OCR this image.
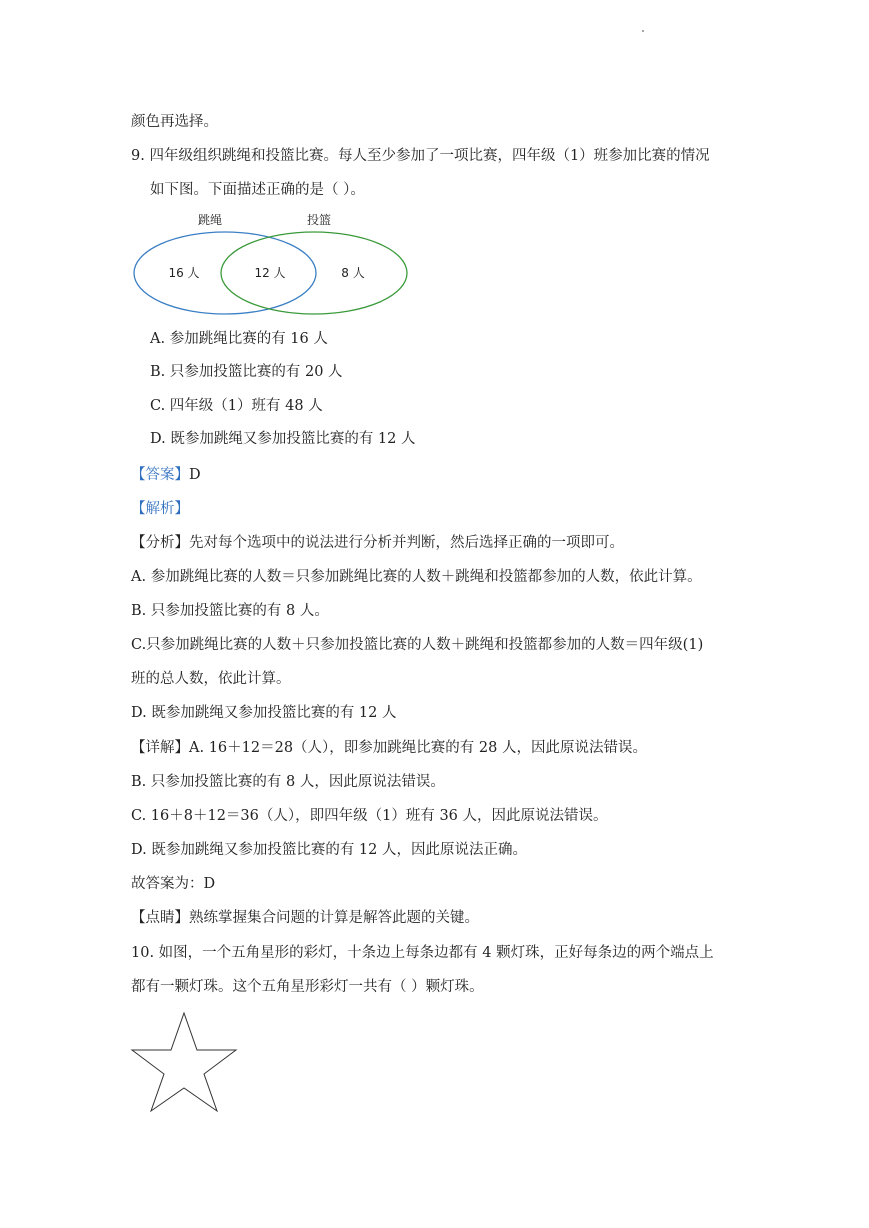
颜色再选择。
9. 四年级组织跳绳和投篮比赛。每人至少参加了一项比赛，四年级（1）班参加比赛的情况
如下图。下面描述正确的是（ ）。
跳绳	投篮
16 人	12 人	8 人
A. 参加跳绳比赛的有 16 人
B. 只参加投篮比赛的有 20 人
C. 四年级（1）班有 48 人
D. 既参加跳绳又参加投篮比赛的有 12 人
【答案】D
【解析】
【分析】先对每个选项中的说法进行分析并判断，然后选择正确的一项即可。
A. 参加跳绳比赛的人数＝只参加跳绳比赛的人数＋跳绳和投篮都参加的人数，依此计算。
B. 只参加投篮比赛的有 8 人。
C.只参加跳绳比赛的人数＋只参加投篮比赛的人数＋跳绳和投篮都参加的人数＝四年级(1)
班的总人数，依此计算。
D. 既参加跳绳又参加投篮比赛的有 12 人
【详解】A. 16＋12＝28（人），即参加跳绳比赛的有 28 人，因此原说法错误。
B. 只参加投篮比赛的有 8 人，因此原说法错误。
C. 16＋8＋12＝36（人），即四年级（1）班有 36 人，因此原说法错误。
D. 既参加跳绳又参加投篮比赛的有 12 人，因此原说法正确。
故答案为：D
【点睛】熟练掌握集合问题的计算是解答此题的关键。
10. 如图，一个五角星形的彩灯，十条边上每条边都有 4 颗灯珠，正好每条边的两个端点上
都有一颗灯珠。这个五角星形彩灯一共有（ ）颗灯珠。
